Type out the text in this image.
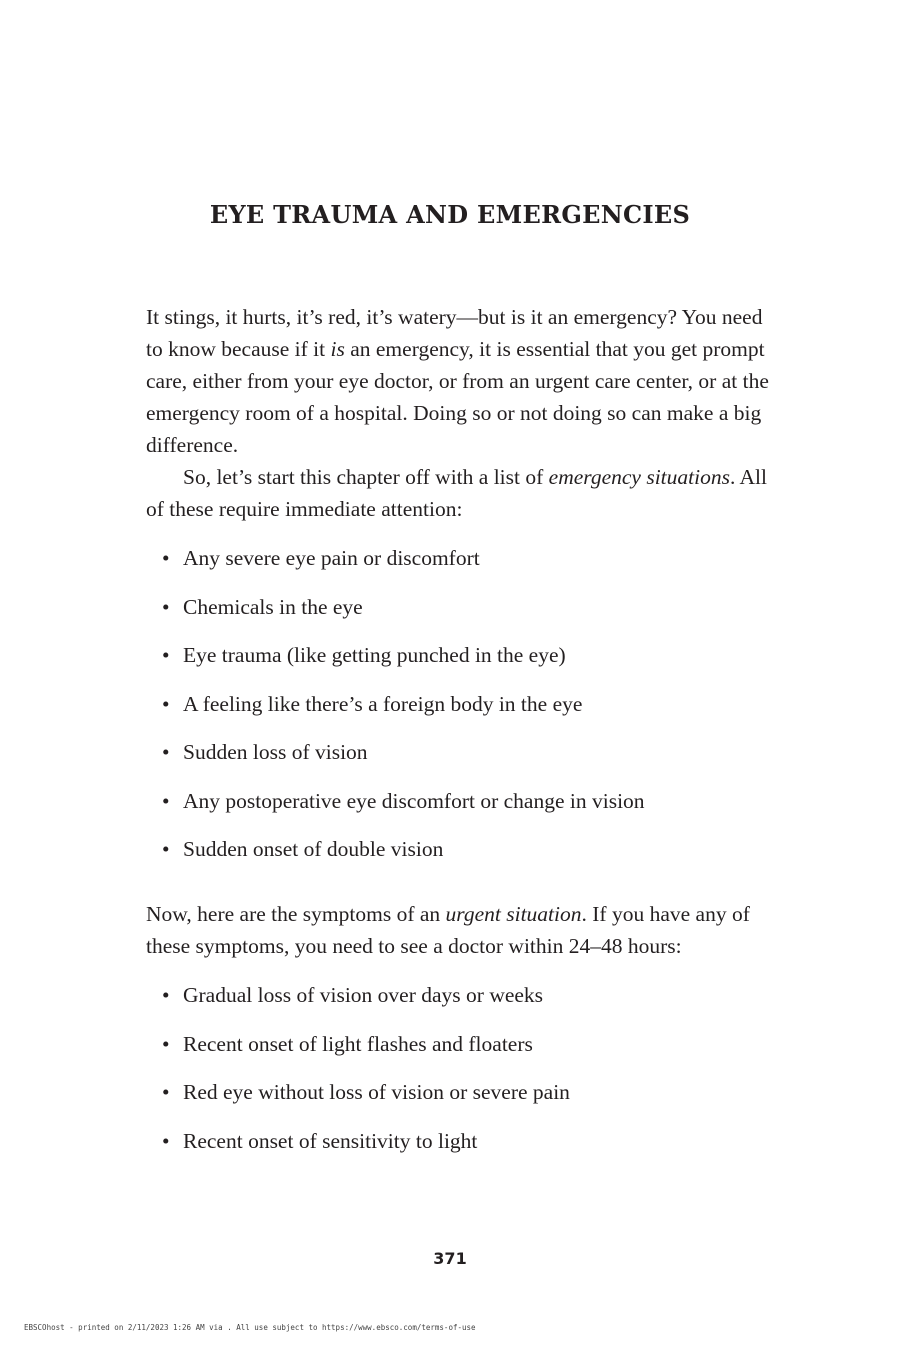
EYE TRAUMA AND EMERGENCIES

It stings, it hurts, it’s red, it’s watery—but is it an emergency? You need to know because if it is an emergency, it is essential that you get prompt care, either from your eye doctor, or from an urgent care center, or at the emergency room of a hospital. Doing so or not doing so can make a big difference.

So, let’s start this chapter off with a list of emergency situations. All of these require immediate attention:

• Any severe eye pain or discomfort
• Chemicals in the eye
• Eye trauma (like getting punched in the eye)
• A feeling like there’s a foreign body in the eye
• Sudden loss of vision
• Any postoperative eye discomfort or change in vision
• Sudden onset of double vision

Now, here are the symptoms of an urgent situation. If you have any of these symptoms, you need to see a doctor within 24–48 hours:

• Gradual loss of vision over days or weeks
• Recent onset of light flashes and floaters
• Red eye without loss of vision or severe pain
• Recent onset of sensitivity to light

371

EBSCOhost - printed on 2/11/2023 1:26 AM via . All use subject to https://www.ebsco.com/terms-of-use
